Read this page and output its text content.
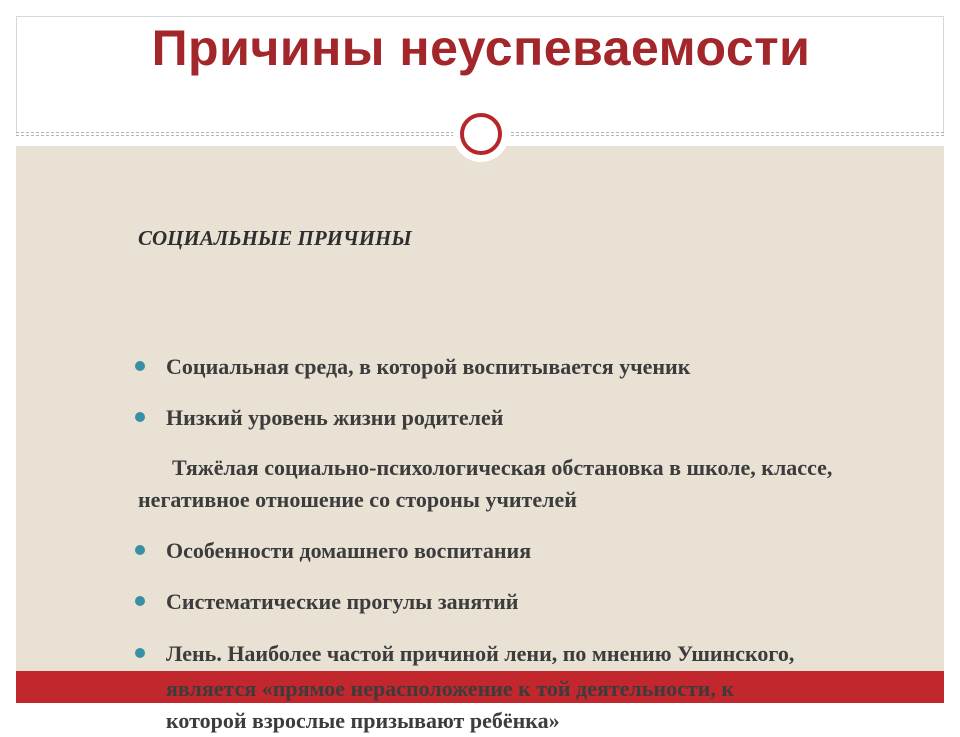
Причины неуспеваемости
СОЦИАЛЬНЫЕ ПРИЧИНЫ
Социальная среда, в которой воспитывается ученик
Низкий уровень жизни родителей
Тяжёлая социально-психологическая обстановка в школе, классе, негативное отношение со стороны учителей
Особенности домашнего воспитания
Систематические прогулы занятий
Лень. Наиболее частой причиной лени, по мнению Ушинского,
является «прямое нерасположение к той деятельности, к
которой взрослые призывают ребёнка»
